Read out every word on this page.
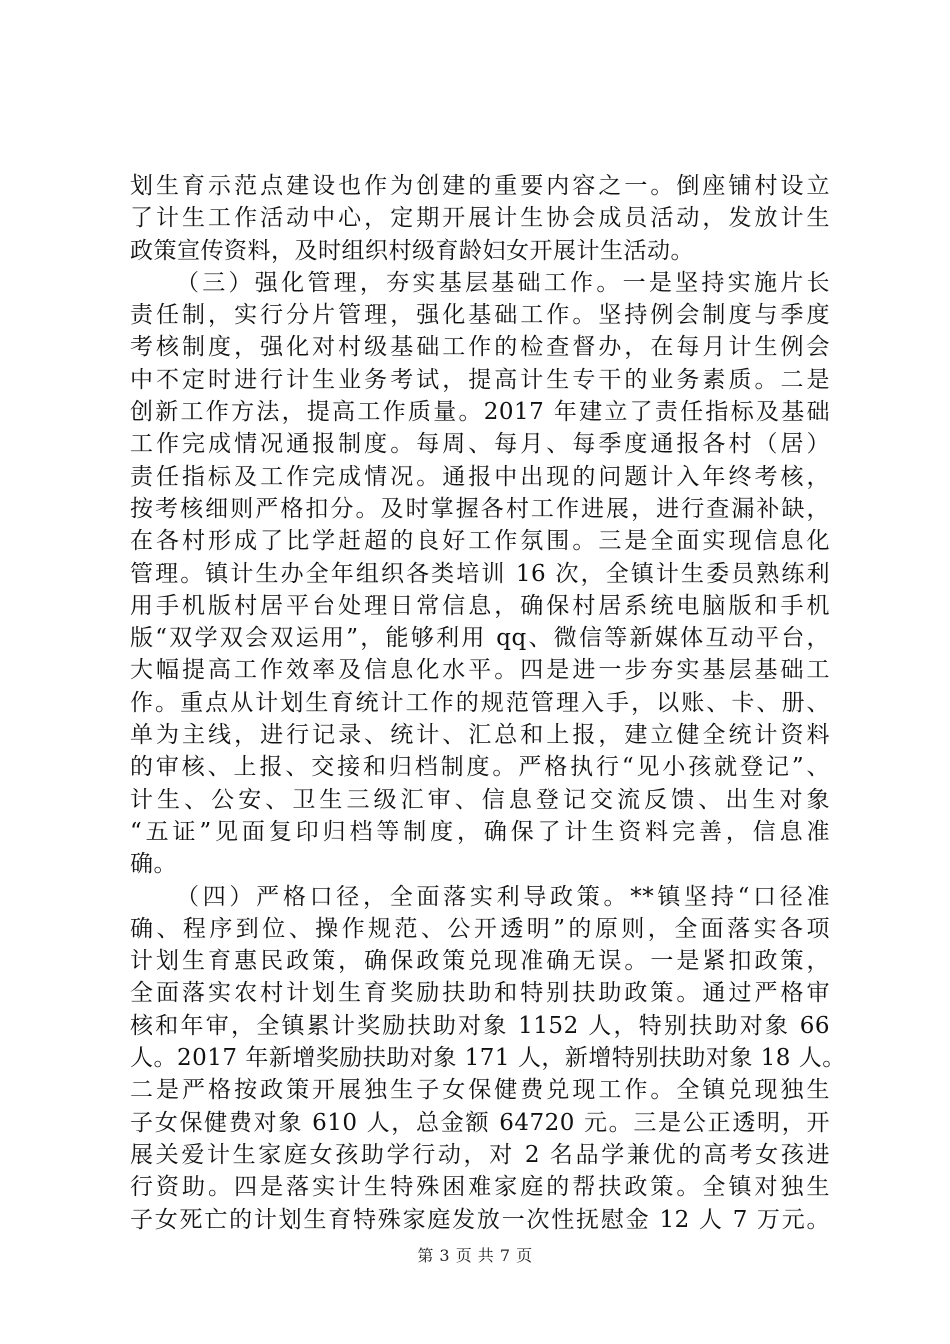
划生育示范点建设也作为创建的重要内容之一。倒座铺村设立
了计生工作活动中心，定期开展计生协会成员活动，发放计生
政策宣传资料，及时组织村级育龄妇女开展计生活动。
（三）强化管理，夯实基层基础工作。一是坚持实施片长
责任制，实行分片管理，强化基础工作。坚持例会制度与季度
考核制度，强化对村级基础工作的检查督办，在每月计生例会
中不定时进行计生业务考试，提高计生专干的业务素质。二是
创新工作方法，提高工作质量。2017 年建立了责任指标及基础
工作完成情况通报制度。每周、每月、每季度通报各村（居）
责任指标及工作完成情况。通报中出现的问题计入年终考核，
按考核细则严格扣分。及时掌握各村工作进展，进行查漏补缺，
在各村形成了比学赶超的良好工作氛围。三是全面实现信息化
管理。镇计生办全年组织各类培训 16 次，全镇计生委员熟练利
用手机版村居平台处理日常信息，确保村居系统电脑版和手机
版“双学双会双运用”，能够利用 qq、微信等新媒体互动平台，
大幅提高工作效率及信息化水平。四是进一步夯实基层基础工
作。重点从计划生育统计工作的规范管理入手，以账、卡、册、
单为主线，进行记录、统计、汇总和上报，建立健全统计资料
的审核、上报、交接和归档制度。严格执行“见小孩就登记”、
计生、公安、卫生三级汇审、信息登记交流反馈、出生对象
“五证”见面复印归档等制度，确保了计生资料完善，信息准
确。
（四）严格口径，全面落实利导政策。**镇坚持“口径准
确、程序到位、操作规范、公开透明”的原则，全面落实各项
计划生育惠民政策，确保政策兑现准确无误。一是紧扣政策，
全面落实农村计划生育奖励扶助和特别扶助政策。通过严格审
核和年审，全镇累计奖励扶助对象 1152 人，特别扶助对象 66
人。2017 年新增奖励扶助对象 171 人，新增特别扶助对象 18 人。
二是严格按政策开展独生子女保健费兑现工作。全镇兑现独生
子女保健费对象 610 人，总金额 64720 元。三是公正透明，开
展关爱计生家庭女孩助学行动，对 2 名品学兼优的高考女孩进
行资助。四是落实计生特殊困难家庭的帮扶政策。全镇对独生
子女死亡的计划生育特殊家庭发放一次性抚慰金 12 人 7 万元。
第 3 页 共 7 页
